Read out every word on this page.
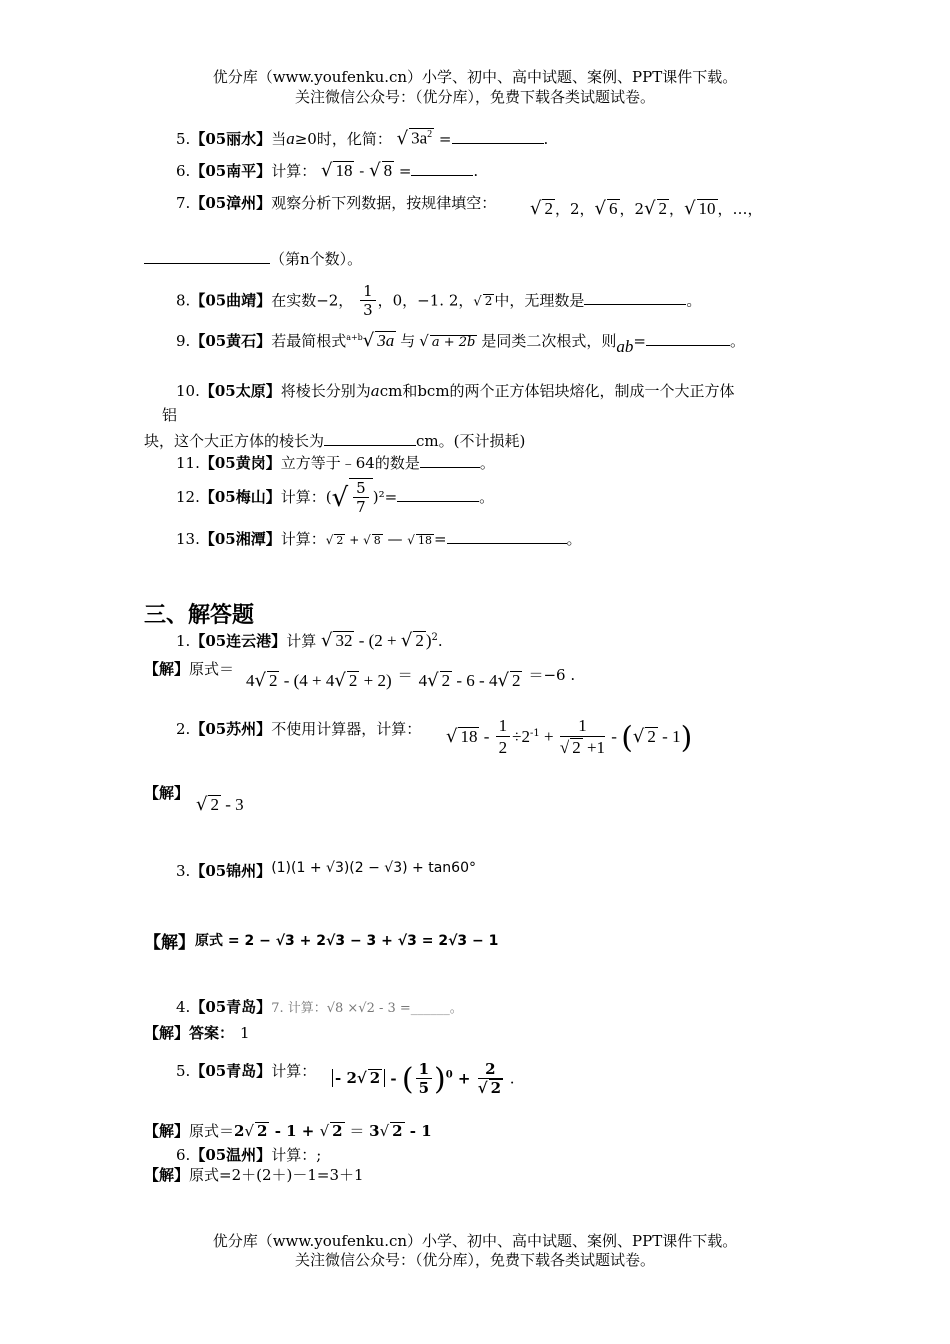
优分库（www.youfenku.cn）小学、初中、高中试题、案例、PPT课件下载。
关注微信公众号：（优分库），免费下载各类试题试卷。
5.【05丽水】当a≥0时，化简： √ $3a^2$ =	.
6.【05南平】计算： √ 18 - √ 8 =	.
7.【05漳州】观察分析下列数据，按规律填空： √ 2 ，2，√ 6 ，2√ 2 ，√ 10 ，…，
（第n个数）。
8.【05曲靖】在实数−2， $\frac{1}{3}$ ，0，−1. 2，√ 2 中，无理数是	。
9.【05黄石】若最简根式$^{a+b}$√ 3a 与 √ a + 2b 是同类二次根式，则ab=	。
10.【05太原】将棱长分别为acm和bcm的两个正方体铝块熔化，制成一个大正方体
铝
块，这个大正方体的棱长为	cm。(不计损耗)
11.【05黄岗】立方等于﹣64的数是	。
12.【05梅山】计算：(√ $\frac{5}{7} )^2=$	。
13.【05湘潭】计算：√ 2 + √ 8 — √ 18 =	。
三、解答题
1.【05连云港】计算 √ 32 - (2 + √ 2 )$^2$.
【解】原式＝
4√ 2 - (4 + 4√ 2 + 2) ＝ 4√ 2 - 6 - 4√ 2 ＝−6 .
2.【05苏州】不使用计算器，计算： √ $18 - \frac{1}{2} \div 2^{-1} + \frac{1}{√ 2 +1}$ - (√ 2 - 1)
【解】
√ 2 - 3
3.【05锦州】(1)(1 + √3)(2 − √3) + tan60°
【解】原式 = 2 − √3 + 2√3 − 3 + √3 = 2√3 − 1
4.【05青岛】7. 计算：√8 ×√2 - 3 =______。
【解】答案： 1
5.【05青岛】计算： - 2√ 2 - ( $\frac{1}{5} )^0 + \frac{2}{√ 2}$ .
【解】原式＝2√ 2 - 1 + √ 2 ＝ 3√ 2 - 1
6.【05温州】计算：;
【解】原式=2＋(2＋)－1=3＋1
优分库（www.youfenku.cn）小学、初中、高中试题、案例、PPT课件下载。
关注微信公众号：（优分库），免费下载各类试题试卷。
